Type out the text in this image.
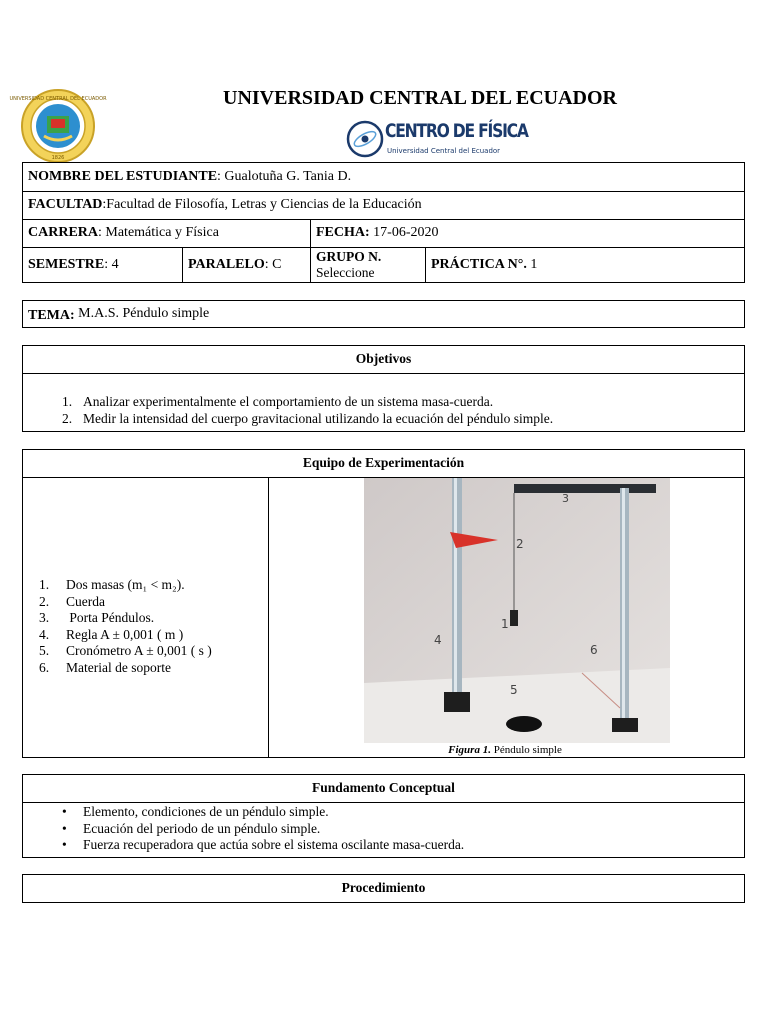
UNIVERSIDAD CENTRAL DEL ECUADOR
1826
UNIVERSIDAD CENTRAL DEL ECUADOR
CENTRO DE FÍSICA
Universidad Central del Ecuador
NOMBRE DEL ESTUDIANTE: Gualotuña G. Tania D.
FACULTAD:Facultad de Filosofía, Letras y Ciencias de la Educación
CARRERA: Matemática y Física	FECHA: 17-06-2020
SEMESTRE: 4	PARALELO: C
GRUPO N.
Seleccione
PRÁCTICA N°. 1
TEMA: M.A.S. Péndulo simple
Objetivos
1. Analizar experimentalmente el comportamiento de un sistema masa-cuerda.
2. Medir la intensidad del cuerpo gravitacional utilizando la ecuación del péndulo simple.
Equipo de Experimentación
1. Dos masas (m₁ < m₂).
2. Cuerda
3. Porta Péndulos.
4. Regla A ± 0,001 ( m )
5. Cronómetro A ± 0,001 ( s )
6. Material de soporte
3
2
1
4
5
6
Figura 1. Péndulo simple
Fundamento Conceptual
• Elemento, condiciones de un péndulo simple.
• Ecuación del periodo de un péndulo simple.
• Fuerza recuperadora que actúa sobre el sistema oscilante masa-cuerda.
Procedimiento
